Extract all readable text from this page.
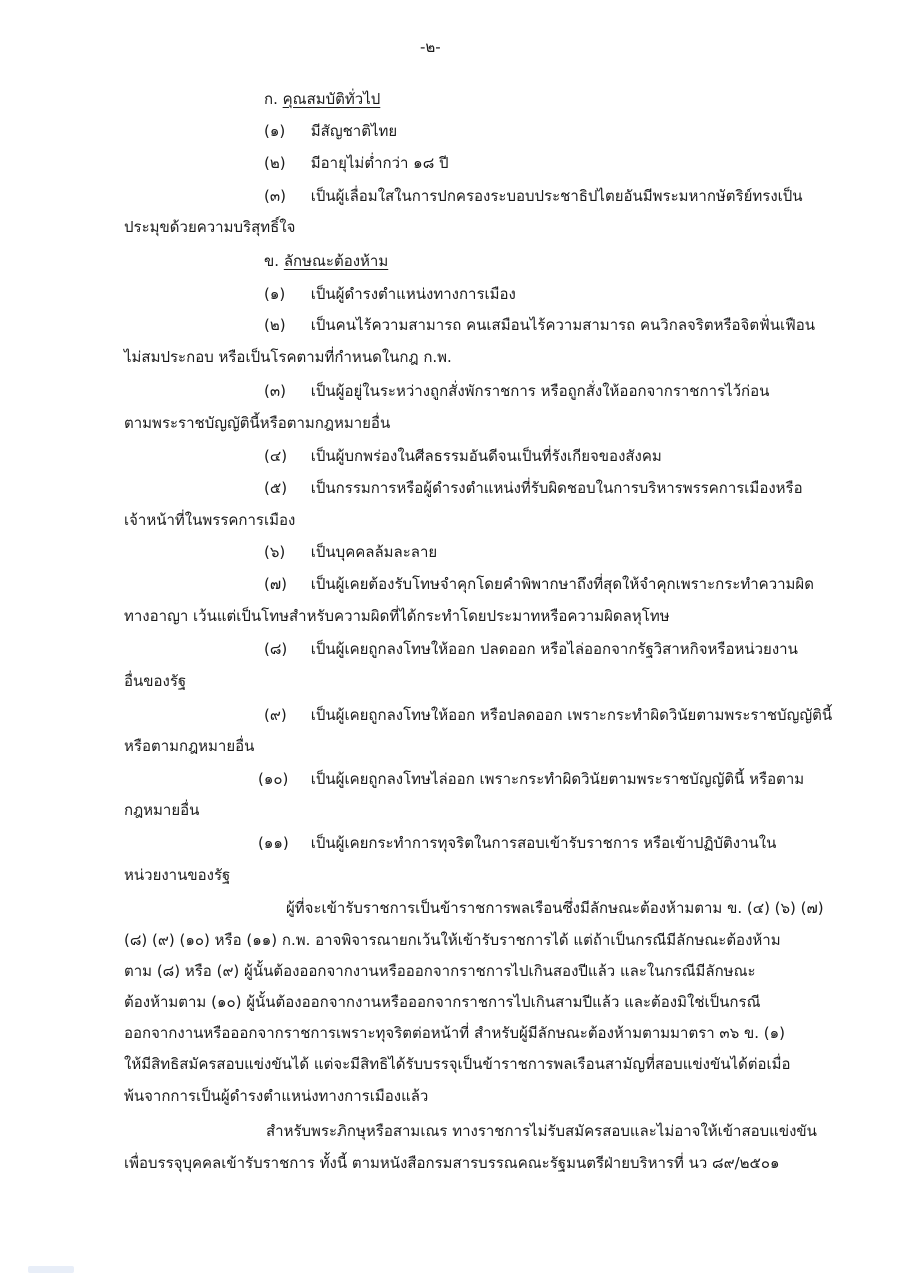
-๒-
ก. คุณสมบัติทั่วไป
(๑) มีสัญชาติไทย
(๒) มีอายุไม่ต่ำกว่า ๑๘ ปี
(๓) เป็นผู้เลื่อมใสในการปกครองระบอบประชาธิปไตยอันมีพระมหากษัตริย์ทรงเป็น
ประมุขด้วยความบริสุทธิ์ใจ
ข. ลักษณะต้องห้าม
(๑) เป็นผู้ดำรงตำแหน่งทางการเมือง
(๒) เป็นคนไร้ความสามารถ คนเสมือนไร้ความสามารถ คนวิกลจริตหรือจิตฟั่นเฟือน
ไม่สมประกอบ หรือเป็นโรคตามที่กำหนดในกฎ ก.พ.
(๓) เป็นผู้อยู่ในระหว่างถูกสั่งพักราชการ หรือถูกสั่งให้ออกจากราชการไว้ก่อน
ตามพระราชบัญญัตินี้หรือตามกฎหมายอื่น
(๔) เป็นผู้บกพร่องในศีลธรรมอันดีจนเป็นที่รังเกียจของสังคม
(๕) เป็นกรรมการหรือผู้ดำรงตำแหน่งที่รับผิดชอบในการบริหารพรรคการเมืองหรือ
เจ้าหน้าที่ในพรรคการเมือง
(๖) เป็นบุคคลล้มละลาย
(๗) เป็นผู้เคยต้องรับโทษจำคุกโดยคำพิพากษาถึงที่สุดให้จำคุกเพราะกระทำความผิด
ทางอาญา เว้นแต่เป็นโทษสำหรับความผิดที่ได้กระทำโดยประมาทหรือความผิดลหุโทษ
(๘) เป็นผู้เคยถูกลงโทษให้ออก ปลดออก หรือไล่ออกจากรัฐวิสาหกิจหรือหน่วยงาน
อื่นของรัฐ
(๙) เป็นผู้เคยถูกลงโทษให้ออก หรือปลดออก เพราะกระทำผิดวินัยตามพระราชบัญญัตินี้
หรือตามกฎหมายอื่น
(๑๐) เป็นผู้เคยถูกลงโทษไล่ออก เพราะกระทำผิดวินัยตามพระราชบัญญัตินี้ หรือตาม
กฎหมายอื่น
(๑๑) เป็นผู้เคยกระทำการทุจริตในการสอบเข้ารับราชการ หรือเข้าปฏิบัติงานใน
หน่วยงานของรัฐ
ผู้ที่จะเข้ารับราชการเป็นข้าราชการพลเรือนซึ่งมีลักษณะต้องห้ามตาม ข. (๔) (๖) (๗)
(๘) (๙) (๑๐) หรือ (๑๑) ก.พ. อาจพิจารณายกเว้นให้เข้ารับราชการได้ แต่ถ้าเป็นกรณีมีลักษณะต้องห้าม
ตาม (๘) หรือ (๙) ผู้นั้นต้องออกจากงานหรือออกจากราชการไปเกินสองปีแล้ว และในกรณีมีลักษณะ
ต้องห้ามตาม (๑๐) ผู้นั้นต้องออกจากงานหรือออกจากราชการไปเกินสามปีแล้ว และต้องมิใช่เป็นกรณี
ออกจากงานหรือออกจากราชการเพราะทุจริตต่อหน้าที่ สำหรับผู้มีลักษณะต้องห้ามตามมาตรา ๓๖ ข. (๑)
ให้มีสิทธิสมัครสอบแข่งขันได้ แต่จะมีสิทธิได้รับบรรจุเป็นข้าราชการพลเรือนสามัญที่สอบแข่งขันได้ต่อเมื่อ
พ้นจากการเป็นผู้ดำรงตำแหน่งทางการเมืองแล้ว
สำหรับพระภิกษุหรือสามเณร ทางราชการไม่รับสมัครสอบและไม่อาจให้เข้าสอบแข่งขัน
เพื่อบรรจุบุคคลเข้ารับราชการ ทั้งนี้ ตามหนังสือกรมสารบรรณคณะรัฐมนตรีฝ่ายบริหารที่ นว ๘๙/๒๕๐๑
